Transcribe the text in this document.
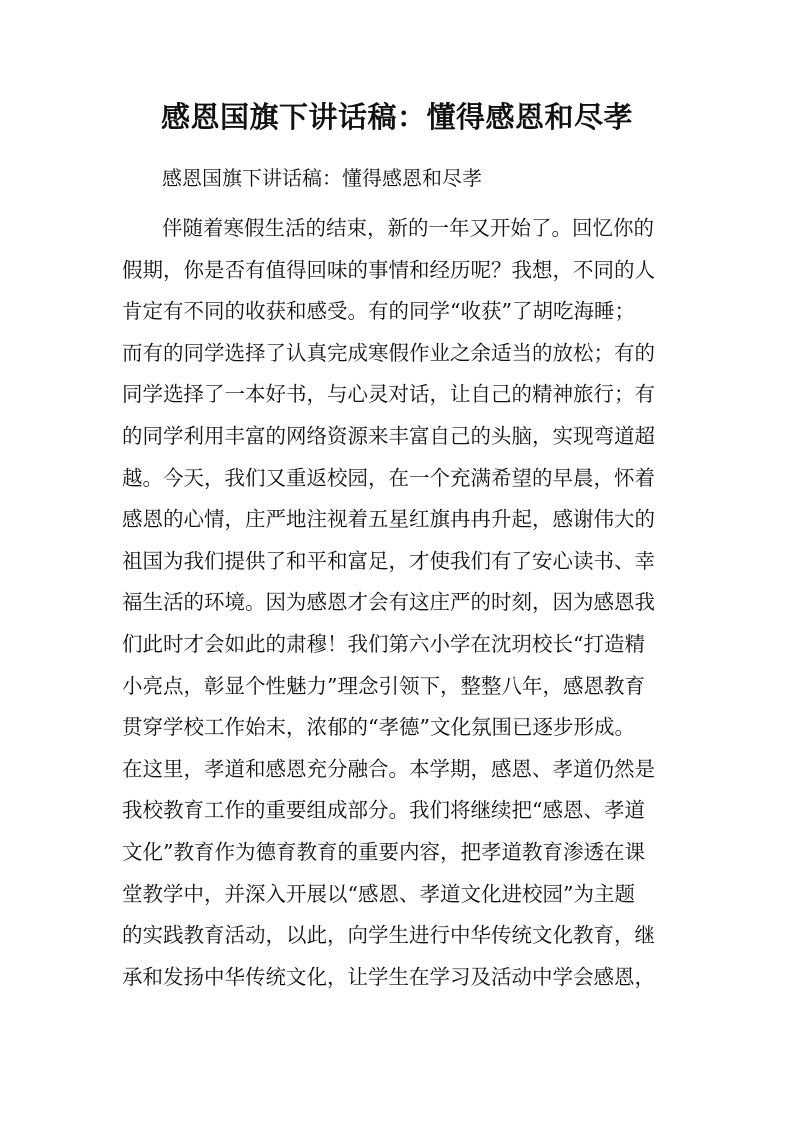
感恩国旗下讲话稿：懂得感恩和尽孝
感恩国旗下讲话稿：懂得感恩和尽孝
伴随着寒假生活的结束，新的一年又开始了。回忆你的
假期，你是否有值得回味的事情和经历呢？我想，不同的人
肯定有不同的收获和感受。有的同学“收获”了胡吃海睡；
而有的同学选择了认真完成寒假作业之余适当的放松；有的
同学选择了一本好书，与心灵对话，让自己的精神旅行；有
的同学利用丰富的网络资源来丰富自己的头脑，实现弯道超
越。今天，我们又重返校园，在一个充满希望的早晨，怀着
感恩的心情，庄严地注视着五星红旗冉冉升起，感谢伟大的
祖国为我们提供了和平和富足，才使我们有了安心读书、幸
福生活的环境。因为感恩才会有这庄严的时刻，因为感恩我
们此时才会如此的肃穆！我们第六小学在沈玥校长“打造精
小亮点，彰显个性魅力”理念引领下，整整八年，感恩教育
贯穿学校工作始末，浓郁的“孝德”文化氛围已逐步形成。
在这里，孝道和感恩充分融合。本学期，感恩、孝道仍然是
我校教育工作的重要组成部分。我们将继续把“感恩、孝道
文化”教育作为德育教育的重要内容，把孝道教育渗透在课
堂教学中，并深入开展以“感恩、孝道文化进校园”为主题
的实践教育活动，以此，向学生进行中华传统文化教育，继
承和发扬中华传统文化，让学生在学习及活动中学会感恩，
